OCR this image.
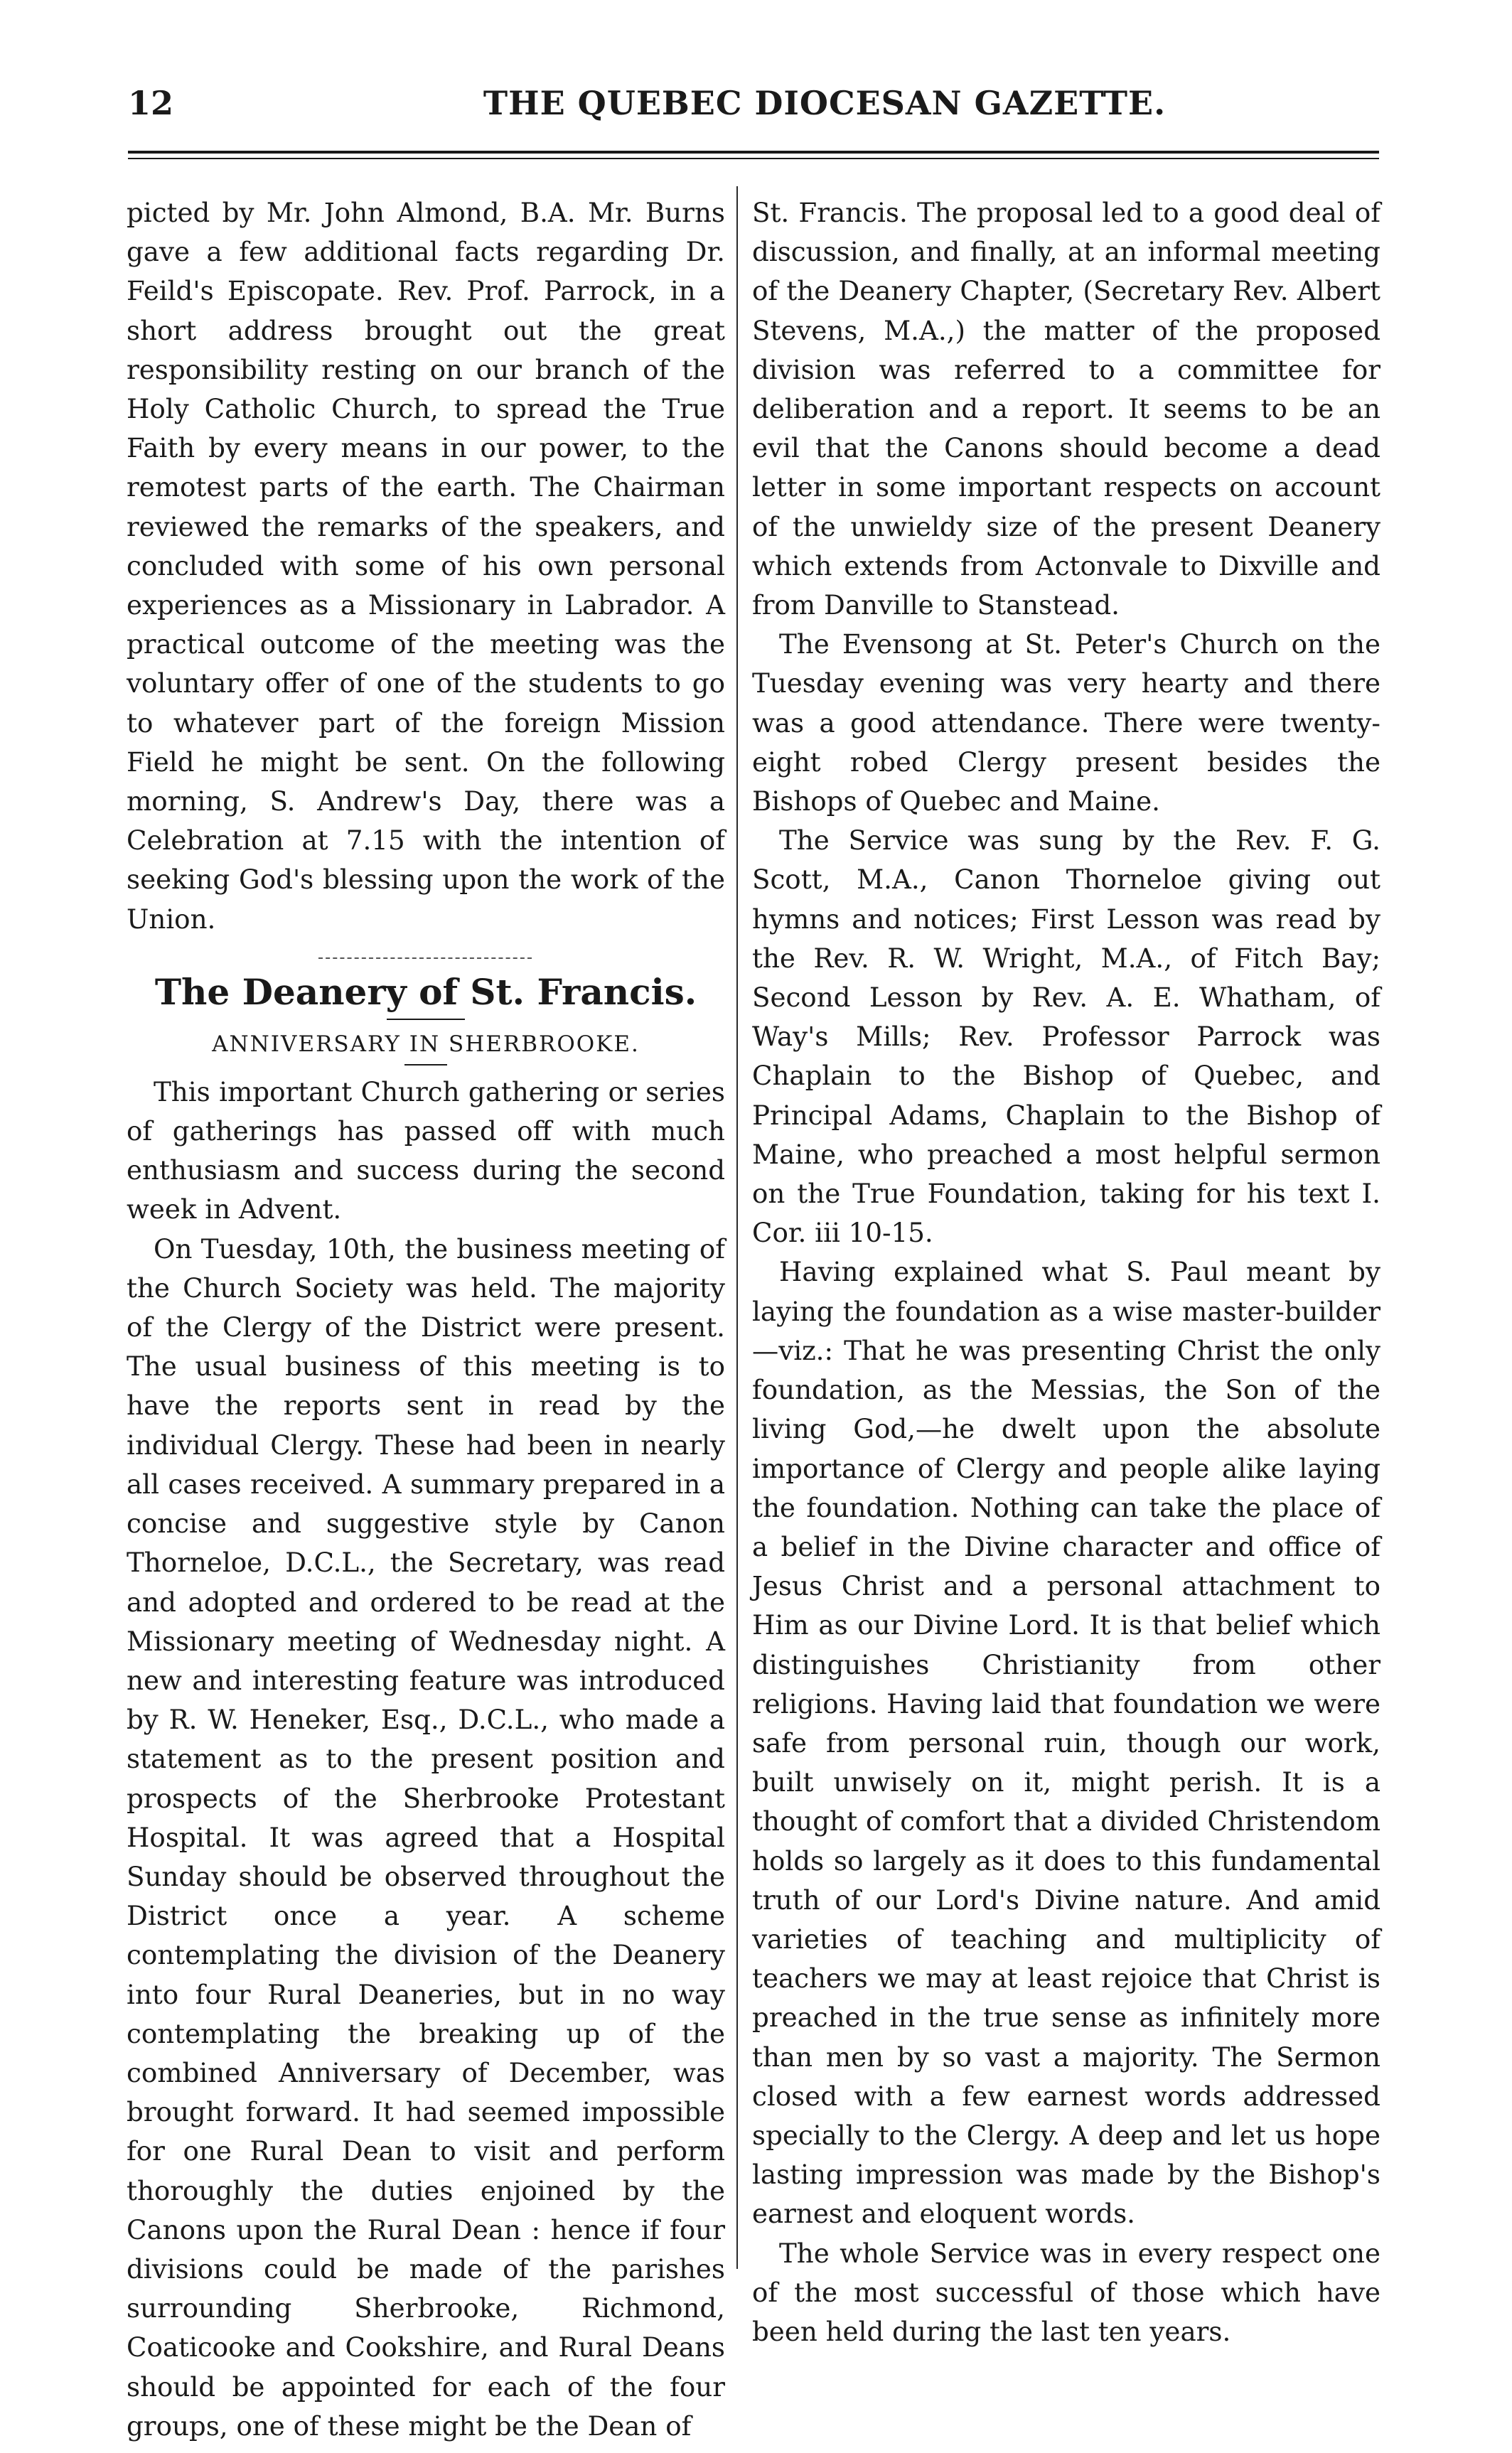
12	THE QUEBEC DIOCESAN GAZETTE.

picted by Mr. John Almond, B.A. Mr. Burns gave a few additional facts regarding Dr. Feild's Episcopate. Rev. Prof. Parrock, in a short address brought out the great responsibility resting on our branch of the Holy Catholic Church, to spread the True Faith by every means in our power, to the remotest parts of the earth. The Chairman reviewed the remarks of the speakers, and concluded with some of his own personal experiences as a Missionary in Labrador. A practical outcome of the meeting was the voluntary offer of one of the students to go to whatever part of the foreign Mission Field he might be sent. On the following morning, S. Andrew's Day, there was a Celebration at 7.15 with the intention of seeking God's blessing upon the work of the Union.

The Deanery of St. Francis.
ANNIVERSARY IN SHERBROOKE.

This important Church gathering or series of gatherings has passed off with much enthusiasm and success during the second week in Advent.

On Tuesday, 10th, the business meeting of the Church Society was held. The majority of the Clergy of the District were present. The usual business of this meeting is to have the reports sent in read by the individual Clergy. These had been in nearly all cases received. A summary prepared in a concise and suggestive style by Canon Thorneloe, D.C.L., the Secretary, was read and adopted and ordered to be read at the Missionary meeting of Wednesday night. A new and interesting feature was introduced by R. W. Heneker, Esq., D.C.L., who made a statement as to the present position and prospects of the Sherbrooke Protestant Hospital. It was agreed that a Hospital Sunday should be observed throughout the District once a year. A scheme contemplating the division of the Deanery into four Rural Deaneries, but in no way contemplating the breaking up of the combined Anniversary of December, was brought forward. It had seemed impossible for one Rural Dean to visit and perform thoroughly the duties enjoined by the Canons upon the Rural Dean : hence if four divisions could be made of the parishes surrounding Sherbrooke, Richmond, Coaticooke and Cookshire, and Rural Deans should be appointed for each of the four groups, one of these might be the Dean of

St. Francis. The proposal led to a good deal of discussion, and finally, at an informal meeting of the Deanery Chapter, (Secretary Rev. Albert Stevens, M.A.,) the matter of the proposed division was referred to a committee for deliberation and a report. It seems to be an evil that the Canons should become a dead letter in some important respects on account of the unwieldy size of the present Deanery which extends from Actonvale to Dixville and from Danville to Stanstead.

The Evensong at St. Peter's Church on the Tuesday evening was very hearty and there was a good attendance. There were twenty-eight robed Clergy present besides the Bishops of Quebec and Maine.

The Service was sung by the Rev. F. G. Scott, M.A., Canon Thorneloe giving out hymns and notices; First Lesson was read by the Rev. R. W. Wright, M.A., of Fitch Bay; Second Lesson by Rev. A. E. Whatham, of Way's Mills; Rev. Professor Parrock was Chaplain to the Bishop of Quebec, and Principal Adams, Chaplain to the Bishop of Maine, who preached a most helpful sermon on the True Foundation, taking for his text I. Cor. iii 10-15.

Having explained what S. Paul meant by laying the foundation as a wise master-builder—viz.: That he was presenting Christ the only foundation, as the Messias, the Son of the living God,—he dwelt upon the absolute importance of Clergy and people alike laying the foundation. Nothing can take the place of a belief in the Divine character and office of Jesus Christ and a personal attachment to Him as our Divine Lord. It is that belief which distinguishes Christianity from other religions. Having laid that foundation we were safe from personal ruin, though our work, built unwisely on it, might perish. It is a thought of comfort that a divided Christendom holds so largely as it does to this fundamental truth of our Lord's Divine nature. And amid varieties of teaching and multiplicity of teachers we may at least rejoice that Christ is preached in the true sense as infinitely more than men by so vast a majority. The Sermon closed with a few earnest words addressed specially to the Clergy. A deep and let us hope lasting impression was made by the Bishop's earnest and eloquent words.

The whole Service was in every respect one of the most successful of those which have been held during the last ten years.
